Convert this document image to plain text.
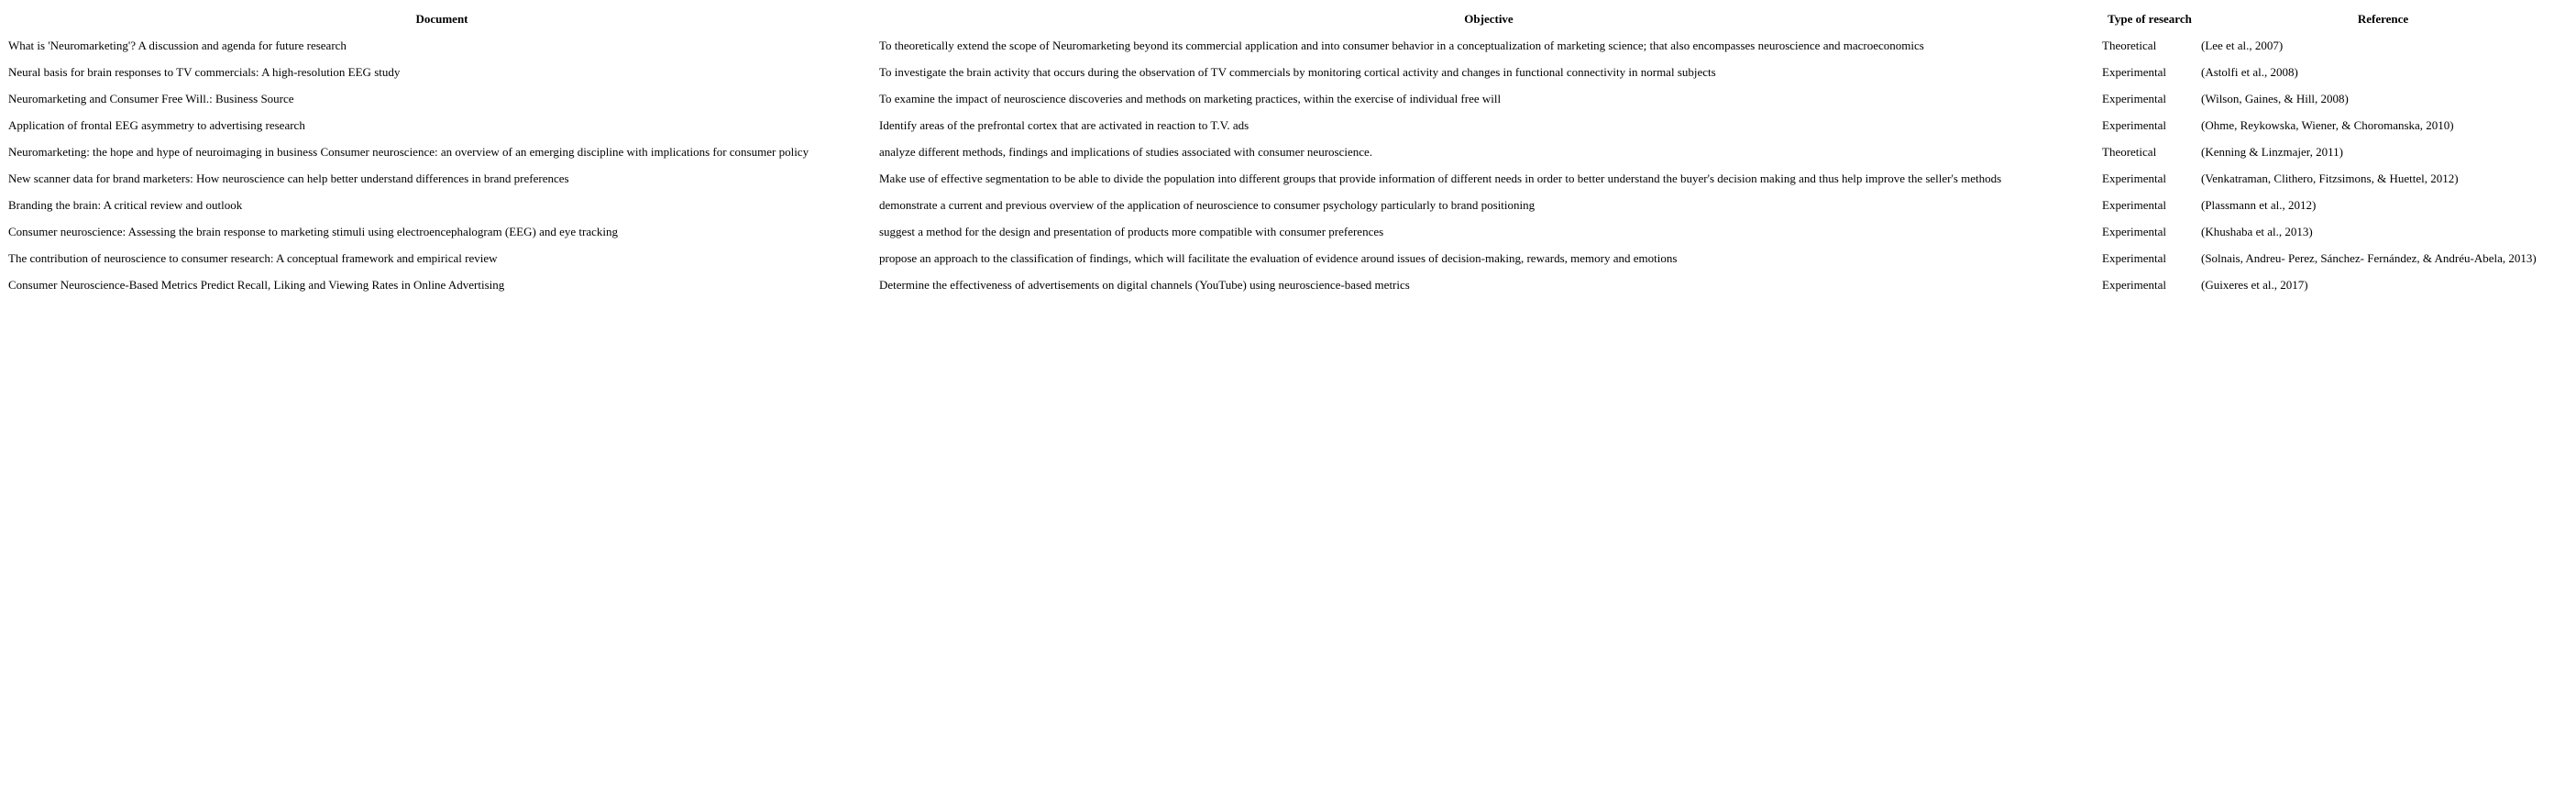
Document	Objective	Type of research	Reference
What is 'Neuromarketing'? A discussion and agenda for future research	To theoretically extend the scope of Neuromarketing beyond its commercial application and into consumer behavior in a conceptualization of marketing science; that also encompasses neuroscience and macroeconomics	Theoretical	(Lee et al., 2007)
Neural basis for brain responses to TV commercials: A high-resolution EEG study	To investigate the brain activity that occurs during the observation of TV commercials by monitoring cortical activity and changes in functional connectivity in normal subjects	Experimental	(Astolfi et al., 2008)
Neuromarketing and Consumer Free Will.: Business Source	To examine the impact of neuroscience discoveries and methods on marketing practices, within the exercise of individual free will	Experimental	(Wilson, Gaines, & Hill, 2008)
Application of frontal EEG asymmetry to advertising research	Identify areas of the prefrontal cortex that are activated in reaction to T.V. ads	Experimental	(Ohme, Reykowska, Wiener, & Choromanska, 2010)
Neuromarketing: the hope and hype of neuroimaging in business Consumer neuroscience: an overview of an emerging discipline with implications for consumer policy	analyze different methods, findings and implications of studies associated with consumer neuroscience.	Theoretical	(Kenning & Linzmajer, 2011)
New scanner data for brand marketers: How neuroscience can help better understand differences in brand preferences	Make use of effective segmentation to be able to divide the population into different groups that provide information of different needs in order to better understand the buyer's decision making and thus help improve the seller's methods	Experimental	(Venkatraman, Clithero, Fitzsimons, & Huettel, 2012)
Branding the brain: A critical review and outlook	demonstrate a current and previous overview of the application of neuroscience to consumer psychology particularly to brand positioning	Experimental	(Plassmann et al., 2012)
Consumer neuroscience: Assessing the brain response to marketing stimuli using electroencephalogram (EEG) and eye tracking	suggest a method for the design and presentation of products more compatible with consumer preferences	Experimental	(Khushaba et al., 2013)
The contribution of neuroscience to consumer research: A conceptual framework and empirical review	propose an approach to the classification of findings, which will facilitate the evaluation of evidence around issues of decision-making, rewards, memory and emotions	Experimental	(Solnais, Andreu- Perez, Sánchez- Fernández, & Andréu-Abela, 2013)
Consumer Neuroscience-Based Metrics Predict Recall, Liking and Viewing Rates in Online Advertising	Determine the effectiveness of advertisements on digital channels (YouTube) using neuroscience-based metrics	Experimental	(Guixeres et al., 2017)
